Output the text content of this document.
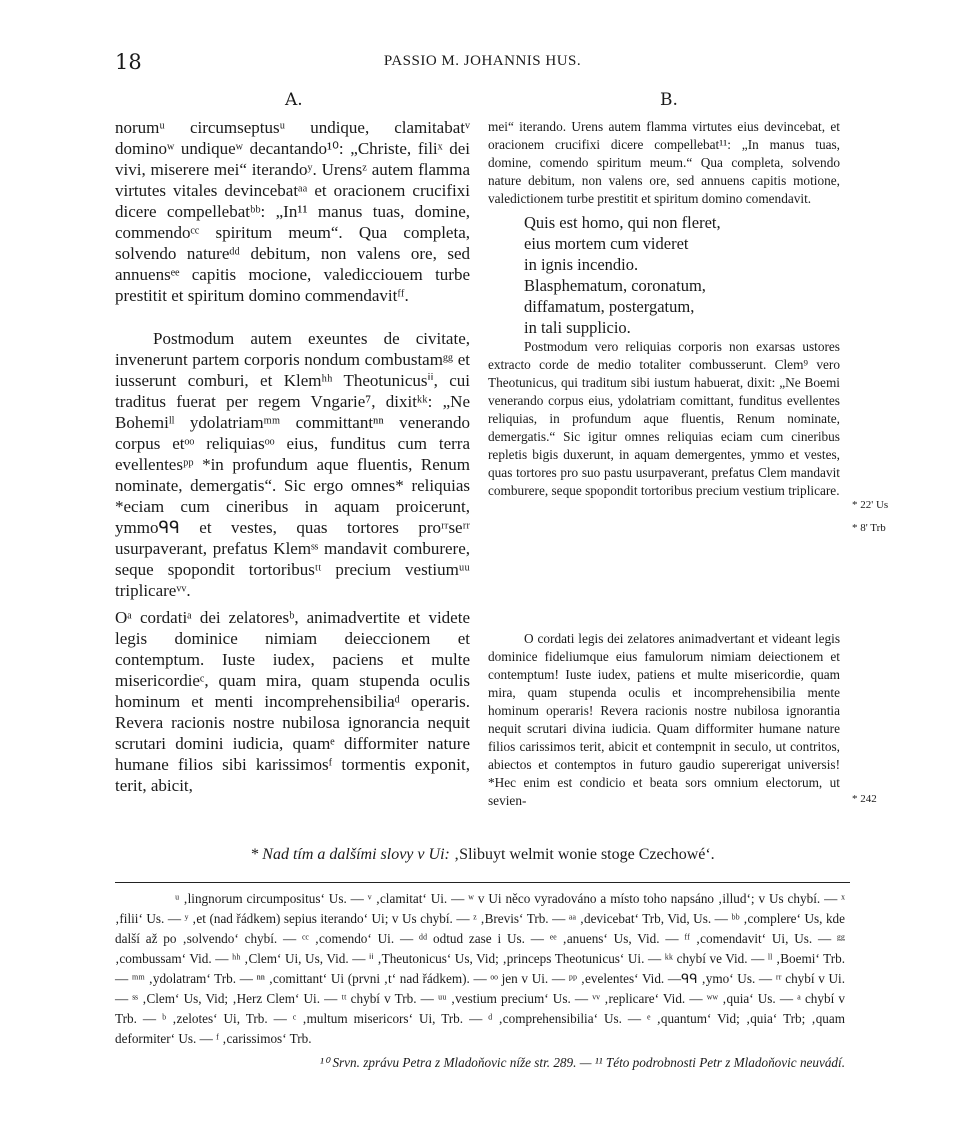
18	PASSIO M. JOHANNIS HUS.
A.	B.

norumᵘ circumseptusᵘ undique, clamitabatᵛ dominoʷ undiqueʷ decantando¹⁰: „Christe, filiˣ dei vivi, miserere mei“ iterandoʸ. Urensᶻ autem flamma virtutes vitales devincebatᵃᵃ et oracionem crucifixi dicere compellebatᵇᵇ: „In¹¹ manus tuas, domine, commendoᶜᶜ spiritum meum“. Qua completa, solvendo natureᵈᵈ debitum, non valens ore, sed annuensᵉᵉ capitis mocione, valedicciouem turbe prestitit et spiritum domino commendavitᶠᶠ.

Postmodum autem exeuntes de civitate, invenerunt partem corporis nondum combustamᵍᵍ et iusserunt comburi, et Klemʰʰ Theotunicusⁱⁱ, cui traditus fuerat per regem Vngarie⁷, dixitᵏᵏ: „Ne Bohemiˡˡ ydolatriamᵐᵐ committantⁿⁿ venerando corpus etᵒᵒ reliquiasᵒᵒ eius, funditus cum terra evellentesᵖᵖ *in profundum aque fluentis, Renum nominate, demergatis“. Sic ergo omnes* reliquias *eciam cum cineribus in aquam proicerunt, ymmoᑫᑫ et vestes, quas tortores proʳʳseʳʳ usurpaverant, prefatus Klemˢˢ mandavit comburere, seque spopondit tortoribusᵗᵗ precium vestiumᵘᵘ triplicareᵛᵛ.

Oᵃ cordatiᵃ dei zelatoresᵇ, animadvertite et videte legis dominice nimiam deieccionem et contemptum. Iuste iudex, paciens et multe misericordieᶜ, quam mira, quam stupenda oculis hominum et menti incomprehensibiliaᵈ operaris. Revera racionis nostre nubilosa ignorancia nequit scrutari domini iudicia, quamᵉ difformiter nature humane filios sibi karissimosᶠ tormentis exponit, terit, abicit,

mei“ iterando. Urens autem flamma virtutes eius devincebat, et oracionem crucifixi dicere compellebat¹¹: „In manus tuas, domine, comendo spiritum meum.“ Qua completa, solvendo nature debitum, non valens ore, sed annuens capitis motione, valedictionem turbe prestitit et spiritum domino comendavit.

Quis est homo, qui non fleret,
eius mortem cum videret
in ignis incendio.
Blasphematum, coronatum,
diffamatum, postergatum,
in tali supplicio.

Postmodum vero reliquias corporis non exarsas ustores extracto corde de medio totaliter combusserunt. Clem⁹ vero Theotunicus, qui traditum sibi iustum habuerat, dixit: „Ne Boemi venerando corpus eius, ydolatriam comittant, funditus evellentes reliquias, in profundum aque fluentis, Renum nominate, demergatis.“ Sic igitur omnes reliquias eciam cum cineribus repletis bigis duxerunt, in aquam demergentes, ymmo et vestes, quas tortores pro suo pastu usurpaverant, prefatus Clem mandavit comburere, seque spopondit tortoribus precium vestium triplicare.

O cordati legis dei zelatores animadvertant et videant legis dominice fideliumque eius famulorum nimiam deiectionem et contemptum! Iuste iudex, patiens et multe misericordie, quam mira, quam stupenda oculis et incomprehensibilia mente hominum operaris! Revera racionis nostre nubilosa ignorantia nequit scrutari divina iudicia. Quam difformiter humane nature filios carissimos terit, abicit et contempnit in seculo, ut contritos, abiectos et contemptos in futuro gaudio supererigat universis! *Hec enim est condicio et beata sors omnium electorum, ut sevien-

* 22' Us
* 8' Trb
* 242
* Nad tím a dalšími slovy v Ui: ‚Slibuyt welmit wonie stoge Czechowé‘.

ᵘ ‚lingnorum circumpositus‘ Us. — ᵛ ‚clamitat‘ Ui. — ʷ v Ui něco vyradováno a místo toho napsáno ‚illud‘; v Us chybí. — ˣ ‚filii‘ Us. — ʸ ‚et (nad řádkem) sepius iterando‘ Ui; v Us chybí. — ᶻ ‚Brevis‘ Trb. — ᵃᵃ ‚devicebat‘ Trb, Vid, Us. — ᵇᵇ ‚complere‘ Us, kde další až po ‚solvendo‘ chybí. — ᶜᶜ ‚comendo‘ Ui. — ᵈᵈ odtud zase i Us. — ᵉᵉ ‚anuens‘ Us, Vid. — ᶠᶠ ‚comendavit‘ Ui, Us. — ᵍᵍ ‚combussam‘ Vid. — ʰʰ ‚Clem‘ Ui, Us, Vid. — ⁱⁱ ‚Theutonicus‘ Us, Vid; ‚princeps Theotunicus‘ Ui. — ᵏᵏ chybí ve Vid. — ˡˡ ‚Boemi‘ Trb. — ᵐᵐ ‚ydolatram‘ Trb. — ⁿⁿ ‚comittant‘ Ui (prvni ‚t‘ nad řádkem). — ᵒᵒ jen v Ui. — ᵖᵖ ‚evelentes‘ Vid. —ᑫᑫ ‚ymo‘ Us. — ʳʳ chybí v Ui. — ˢˢ ‚Clem‘ Us, Vid; ‚Herz Clem‘ Ui. — ᵗᵗ chybí v Trb. — ᵘᵘ ‚vestium precium‘ Us. — ᵛᵛ ‚replicare‘ Vid. — ʷʷ ‚quia‘ Us. — ᵃ chybí v Trb. — ᵇ ‚zelotes‘ Ui, Trb. — ᶜ ‚multum misericors‘ Ui, Trb. — ᵈ ‚comprehensibilia‘ Us. — ᵉ ‚quantum‘ Vid; ‚quia‘ Trb; ‚quam deformiter‘ Us. — ᶠ ‚carissimos‘ Trb.

¹⁰ Srvn. zprávu Petra z Mladoňovic níže str. 289. — ¹¹ Této podrobnosti Petr z Mladoňovic neuvádí.
